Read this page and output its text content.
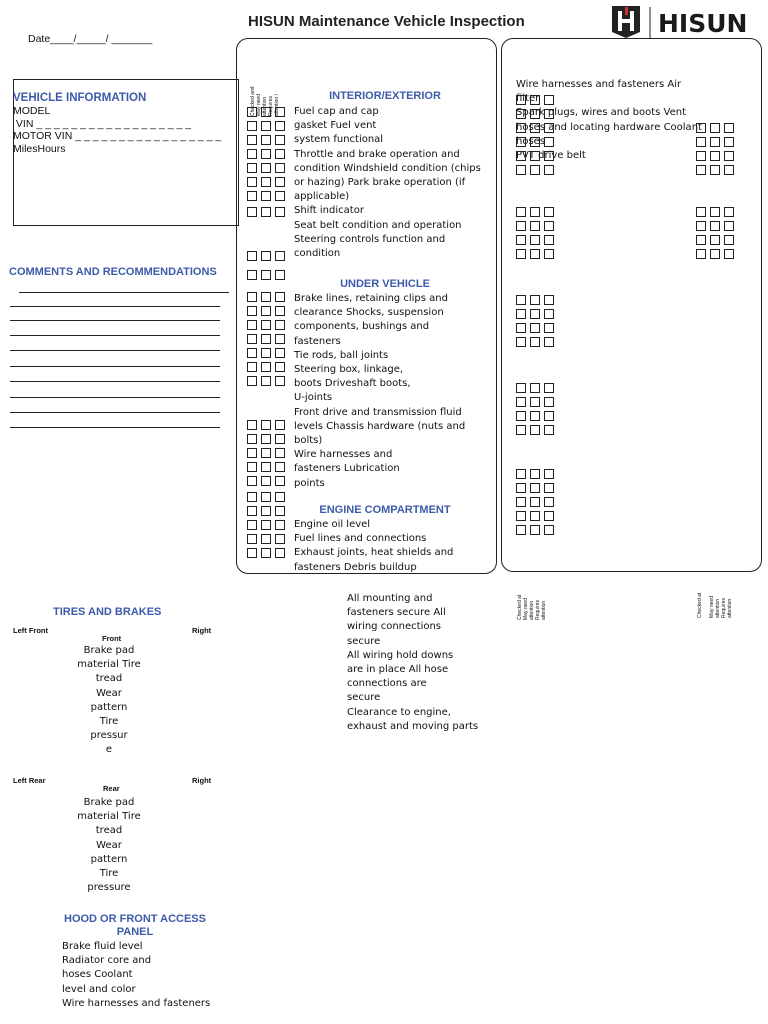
HISUN Maintenance Vehicle Inspection
Date____/_____/ _______
HISUN
VEHICLE INFORMATION
MODEL
VIN _ _ _ _ _ _ _ _ _ _ _ _ _ _ _ _ _ _
MOTOR VIN _ _ _ _ _ _ _ _ _ _ _ _ _ _ _ _ _
MilesHours
COMMENTS AND RECOMMENDATIONS
Checked and
May need
attention
Requires
attention /	INTERIOR/EXTERIOR
Fuel cap and cap
gasket Fuel vent
system functional
Throttle and brake operation and
condition Windshield condition (chips
or hazing) Park brake operation (if
applicable)
Shift indicator
Seat belt condition and operation
Steering controls function and
condition
UNDER VEHICLE
Brake lines, retaining clips and
clearance Shocks, suspension
components, bushings and
fasteners
Tie rods, ball joints
Steering box, linkage,
boots Driveshaft boots,
U-joints
Front drive and transmission fluid
levels Chassis hardware (nuts and
bolts)
Wire harnesses and
fasteners Lubrication
points
ENGINE COMPARTMENT
Engine oil level
Fuel lines and connections
Exhaust joints, heat shields and
fasteners Debris buildup
Wire harnesses and fasteners Air
filter
Spark plugs, wires and boots Vent
hoses and locating hardware Coolant
hoses
PVT drive belt
Checked at
May need
attention
Requires
attention	Checked at

May need
attention
Requires
attention
TIRES AND BRAKES
Left Front
Front
Right
Brake pad
material Tire
tread
Wear
pattern
Tire
pressur
e
Left Rear
Rear
Right
Brake pad
material Tire
tread
Wear
pattern
Tire
pressure
All mounting and
fasteners secure All
wiring connections
secure
All wiring hold downs
are in place All hose
connections are
secure
Clearance to engine,
exhaust and moving parts
HOOD OR FRONT ACCESS
PANEL
Brake fluid level
Radiator core and
hoses Coolant
level and color
Wire harnesses and fasteners
